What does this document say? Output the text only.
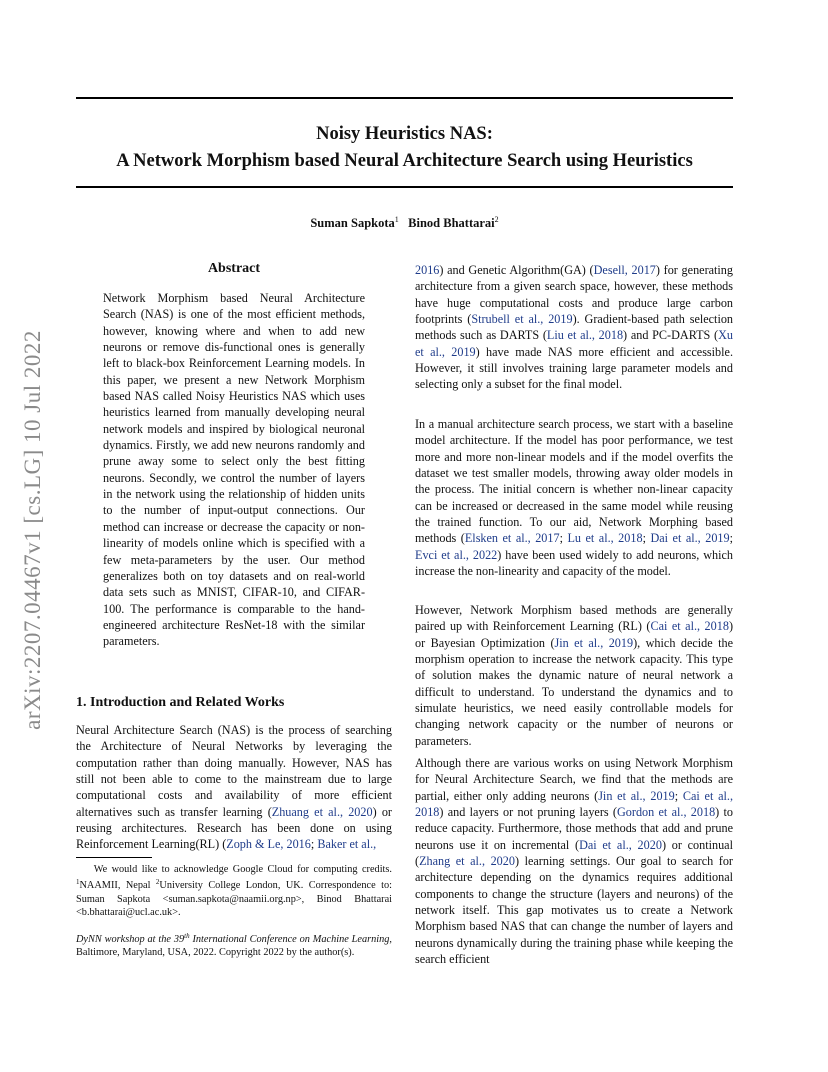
Noisy Heuristics NAS:
A Network Morphism based Neural Architecture Search using Heuristics
Suman Sapkota$^1$ Binod Bhattarai$^2$
arXiv:2207.04467v1 [cs.LG] 10 Jul 2022
Abstract

Network Morphism based Neural Architecture Search (NAS) is one of the most efficient methods, however, knowing where and when to add new neurons or remove dis-functional ones is generally left to black-box Reinforcement Learning models. In this paper, we present a new Network Morphism based NAS called Noisy Heuristics NAS which uses heuristics learned from manually developing neural network models and inspired by biological neuronal dynamics. Firstly, we add new neurons randomly and prune away some to select only the best fitting neurons. Secondly, we control the number of layers in the network using the relationship of hidden units to the number of input-output connections. Our method can increase or decrease the capacity or non-linearity of models online which is specified with a few meta-parameters by the user. Our method generalizes both on toy datasets and on real-world data sets such as MNIST, CIFAR-10, and CIFAR-100. The performance is comparable to the hand-engineered architecture ResNet-18 with the similar parameters.

1. Introduction and Related Works

Neural Architecture Search (NAS) is the process of searching the Architecture of Neural Networks by leveraging the computation rather than doing manually. However, NAS has still not been able to come to the mainstream due to large computational costs and availability of more efficient alternatives such as transfer learning (Zhuang et al., 2020) or reusing architectures. Research has been done on using Reinforcement Learning(RL) (Zoph & Le, 2016; Baker et al.,

We would like to acknowledge Google Cloud for computing credits. $^1$NAAMII, Nepal $^2$University College London, UK. Correspondence to: Suman Sapkota <suman.sapkota@naamii.org.np>, Binod Bhattarai <b.bhattarai@ucl.ac.uk>.

DyNN workshop at the 39th International Conference on Machine Learning, Baltimore, Maryland, USA, 2022. Copyright 2022 by the author(s).

2016) and Genetic Algorithm(GA) (Desell, 2017) for generating architecture from a given search space, however, these methods have huge computational costs and produce large carbon footprints (Strubell et al., 2019). Gradient-based path selection methods such as DARTS (Liu et al., 2018) and PC-DARTS (Xu et al., 2019) have made NAS more efficient and accessible. However, it still involves training large parameter models and selecting only a subset for the final model.

In a manual architecture search process, we start with a baseline model architecture. If the model has poor performance, we test more and more non-linear models and if the model overfits the dataset we test smaller models, throwing away older models in the process. The initial concern is whether non-linear capacity can be increased or decreased in the same model while reusing the trained function. To our aid, Network Morphing based methods (Elsken et al., 2017; Lu et al., 2018; Dai et al., 2019; Evci et al., 2022) have been used widely to add neurons, which increase the non-linearity and capacity of the model.

However, Network Morphism based methods are generally paired up with Reinforcement Learning (RL) (Cai et al., 2018) or Bayesian Optimization (Jin et al., 2019), which decide the morphism operation to increase the network capacity. This type of solution makes the dynamic nature of neural network a difficult to understand. To understand the dynamics and to simulate heuristics, we need easily controllable models for changing network capacity or the number of neurons or parameters.

Although there are various works on using Network Morphism for Neural Architecture Search, we find that the methods are partial, either only adding neurons (Jin et al., 2019; Cai et al., 2018) and layers or not pruning layers (Gordon et al., 2018) to reduce capacity. Furthermore, those methods that add and prune neurons use it on incremental (Dai et al., 2020) or continual (Zhang et al., 2020) learning settings. Our goal to search for architecture depending on the dynamics requires additional components to change the structure (layers and neurons) of the network itself. This gap motivates us to create a Network Morphism based NAS that can change the number of layers and neurons dynamically during the training phase while keeping the search efficient
